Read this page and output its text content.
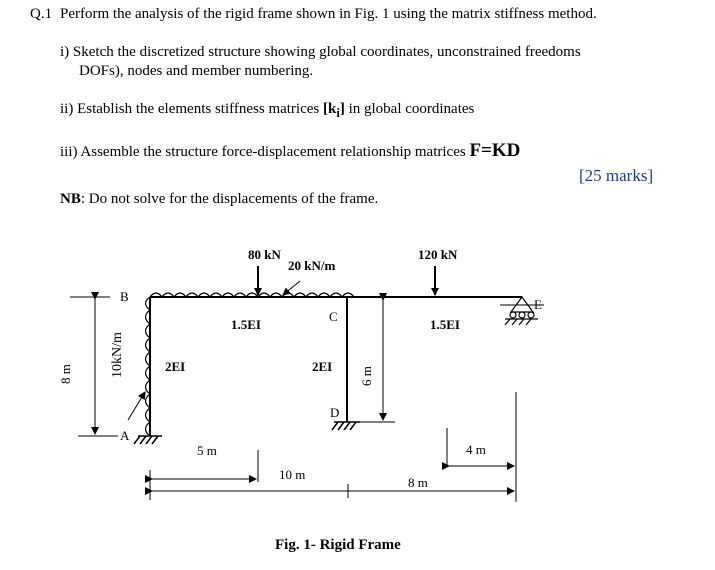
Q.1 Perform the analysis of the rigid frame shown in Fig. 1 using the matrix stiffness method.
i) Sketch the discretized structure showing global coordinates, unconstrained freedoms
DOFs), nodes and member numbering.
ii) Establish the elements stiffness matrices $[k_i]$ in global coordinates
iii) Assemble the structure force-displacement relationship matrices F=KD
[25 marks]
NB: Do not solve for the displacements of the frame.
80 kN
20 kN/m
120 kN
B
A
C
D
E
1.5EI	1.5EI
2EI	2EI
8 m	10kN/m	6 m
5 m
10 m
8 m
4 m
Fig. 1- Rigid Frame
